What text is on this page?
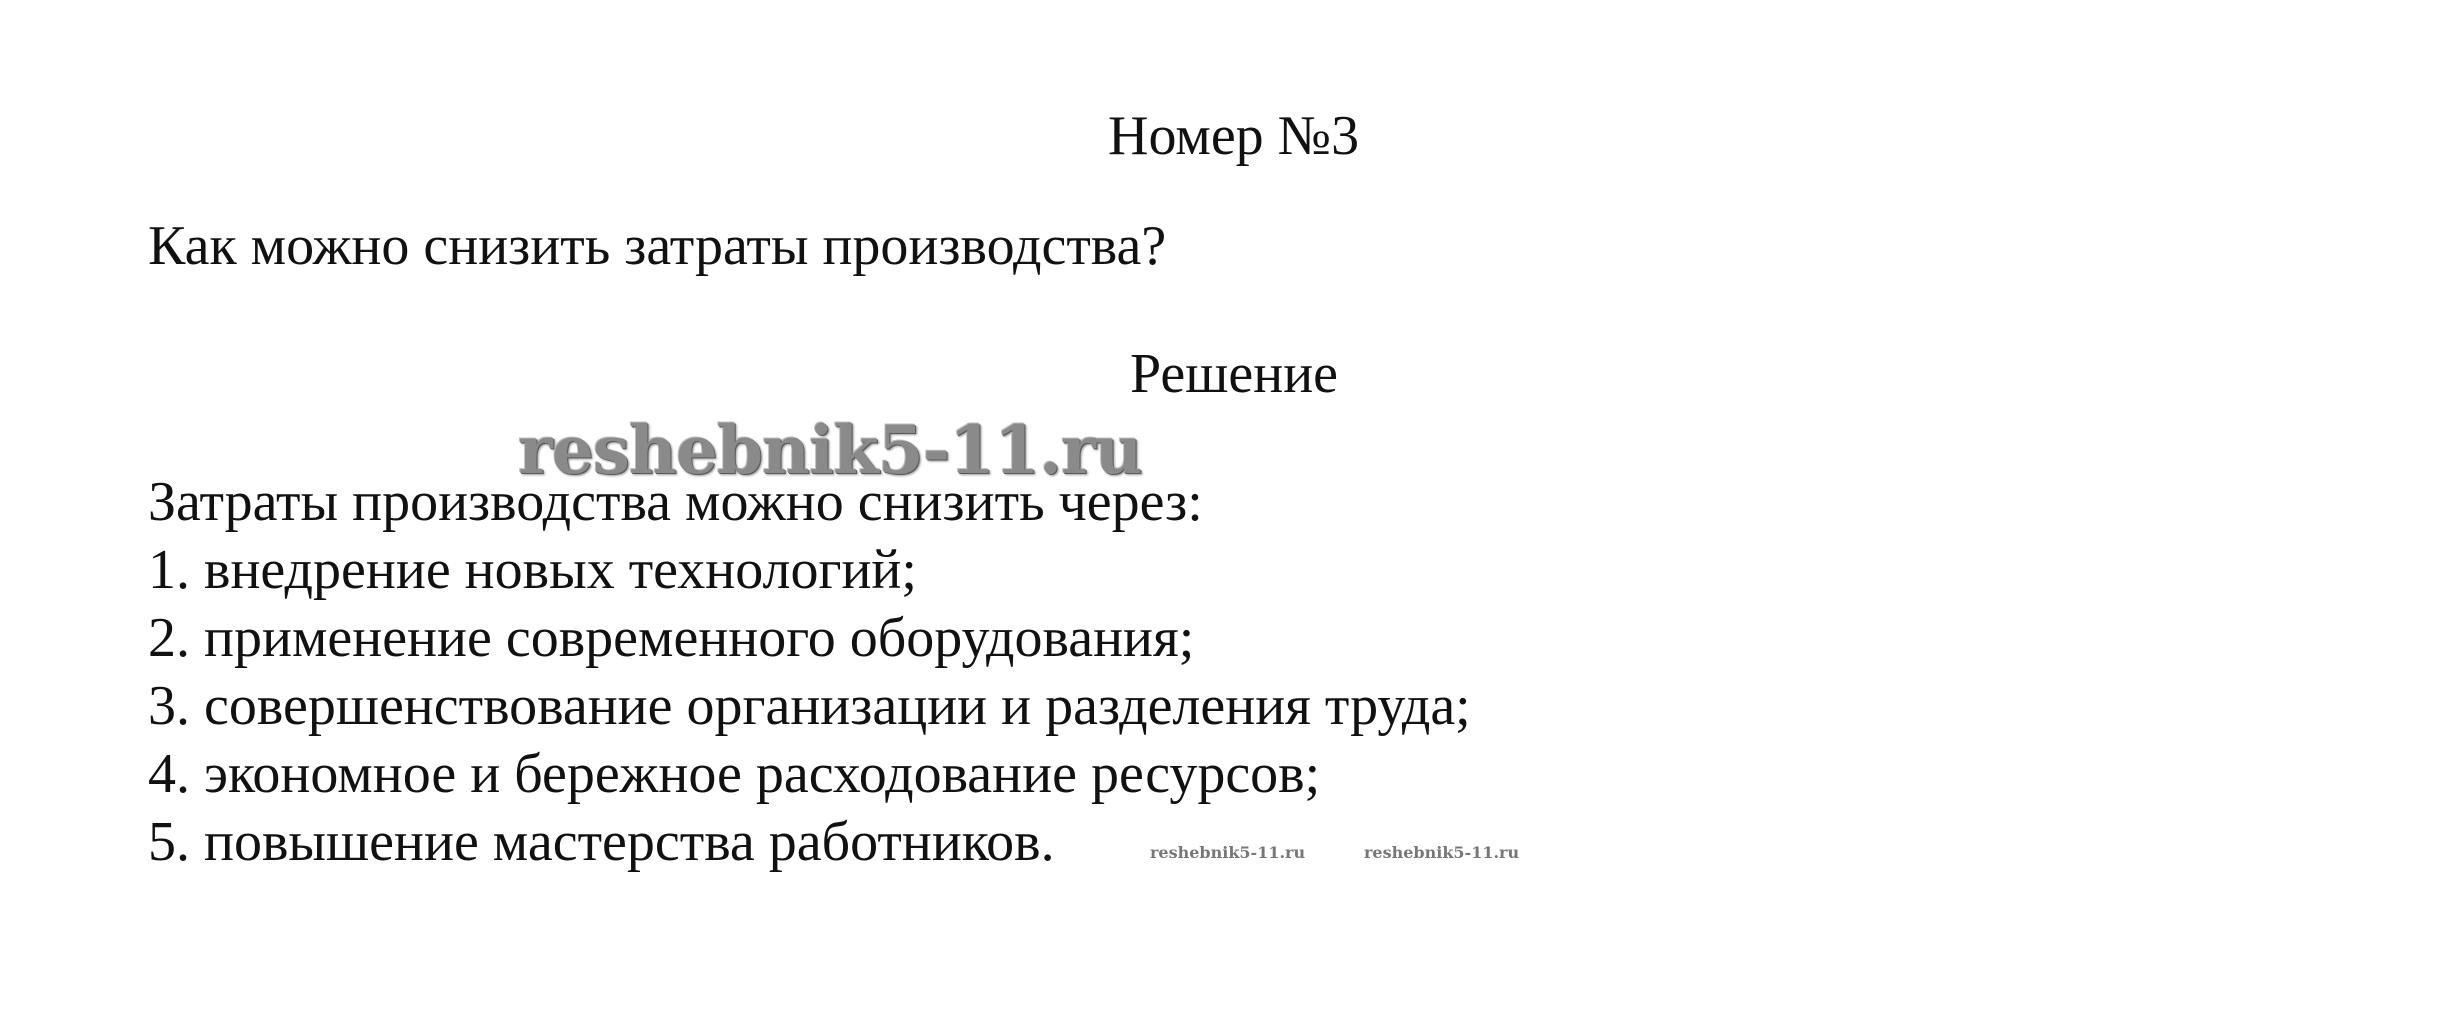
Номер №3
Как можно снизить затраты производства?
Решение
Затраты производства можно снизить через:
1. внедрение новых технологий;
2. применение современного оборудования;
3. совершенствование организации и разделения труда;
4. экономное и бережное расходование ресурсов;
5. повышение мастерства работников.
reshebnik5-11.ru
reshebnik5-11.ru	reshebnik5-11.ru
